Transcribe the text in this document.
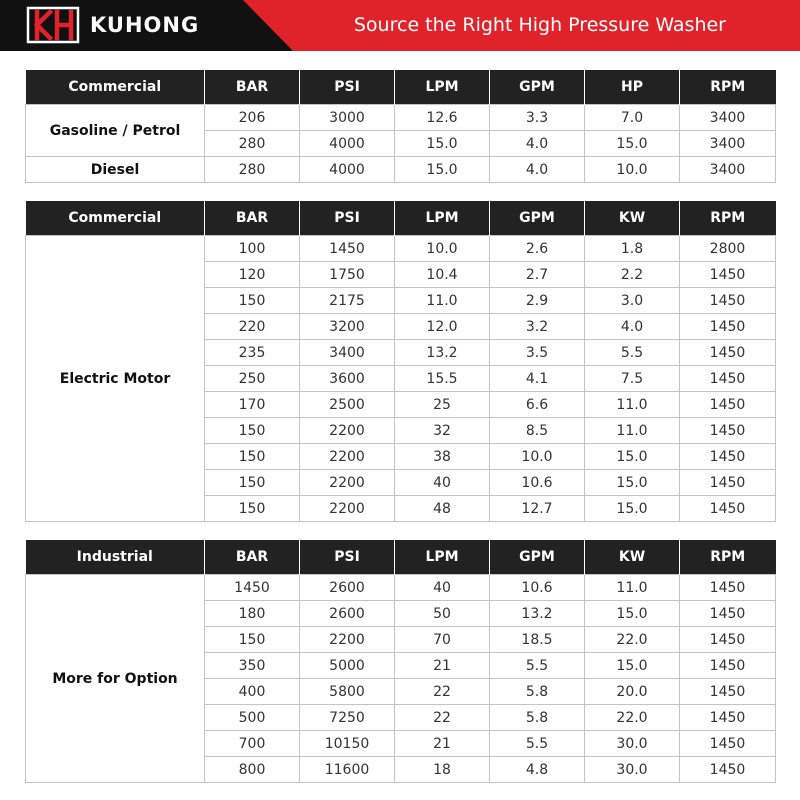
KUHONG	Source the Right High Pressure Washer
Commercial	BAR	PSI	LPM	GPM	HP	RPM
Gasoline / Petrol	206	3000	12.6	3.3	7.0	3400
	280	4000	15.0	4.0	15.0	3400
Diesel	280	4000	15.0	4.0	10.0	3400
Commercial	BAR	PSI	LPM	GPM	KW	RPM
Electric Motor	100	1450	10.0	2.6	1.8	2800
	120	1750	10.4	2.7	2.2	1450
	150	2175	11.0	2.9	3.0	1450
	220	3200	12.0	3.2	4.0	1450
	235	3400	13.2	3.5	5.5	1450
	250	3600	15.5	4.1	7.5	1450
	170	2500	25	6.6	11.0	1450
	150	2200	32	8.5	11.0	1450
	150	2200	38	10.0	15.0	1450
	150	2200	40	10.6	15.0	1450
	150	2200	48	12.7	15.0	1450
Industrial	BAR	PSI	LPM	GPM	KW	RPM
More for Option	1450	2600	40	10.6	11.0	1450
	180	2600	50	13.2	15.0	1450
	150	2200	70	18.5	22.0	1450
	350	5000	21	5.5	15.0	1450
	400	5800	22	5.8	20.0	1450
	500	7250	22	5.8	22.0	1450
	700	10150	21	5.5	30.0	1450
	800	11600	18	4.8	30.0	1450
